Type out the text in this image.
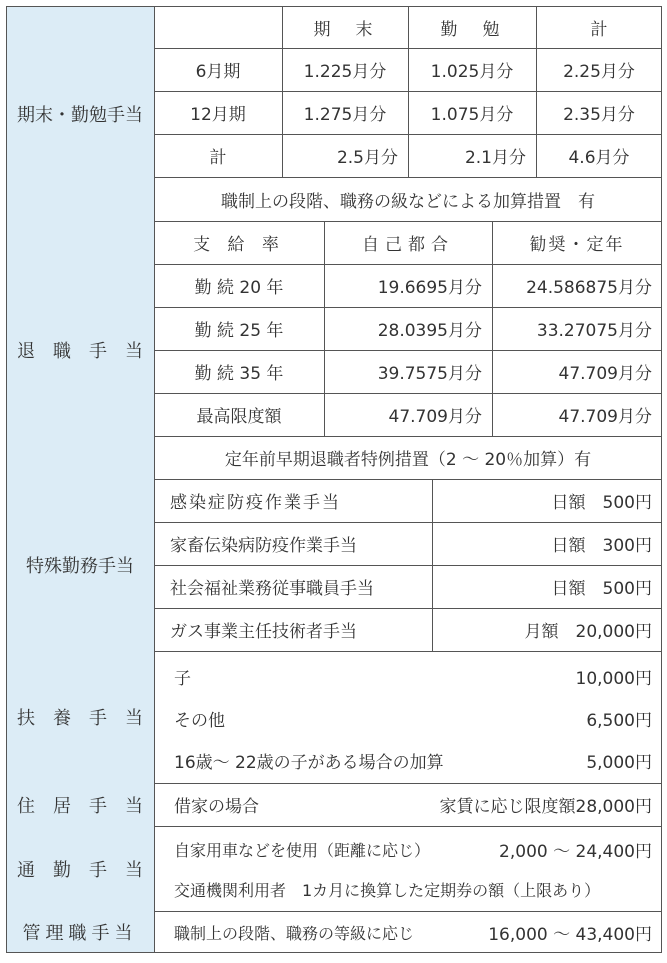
期末・勤勉手当
期　末	勤　勉	計
6月期	1.225月分	1.025月分	2.25月分
12月期	1.275月分	1.075月分	2.35月分
計	2.5月分	2.1月分	4.6月分
職制上の段階、職務の級などによる加算措置　有
退　職　手　当
支 給 率	自己都合	勧奨・定年
勤 続 20 年	19.6695月分	24.586875月分
勤 続 25 年	28.0395月分	33.27075月分
勤 続 35 年	39.7575月分	47.709月分
最高限度額	47.709月分	47.709月分
定年前早期退職者特例措置（2 ～ 20％加算）有
特殊勤務手当
感染症防疫作業手当	日額　500円
家畜伝染病防疫作業手当	日額　300円
社会福祉業務従事職員手当	日額　500円
ガス事業主任技術者手当	月額　20,000円
扶　養　手　当
子	10,000円
その他	6,500円
16歳～ 22歳の子がある場合の加算	5,000円
住　居　手　当	借家の場合	家賃に応じ限度額28,000円
通　勤　手　当
自家用車などを使用（距離に応じ）	2,000 ～ 24,400円
交通機関利用者　1カ月に換算した定期券の額（上限あり）
管理職手当	職制上の段階、職務の等級に応じ	16,000 ～ 43,400円
